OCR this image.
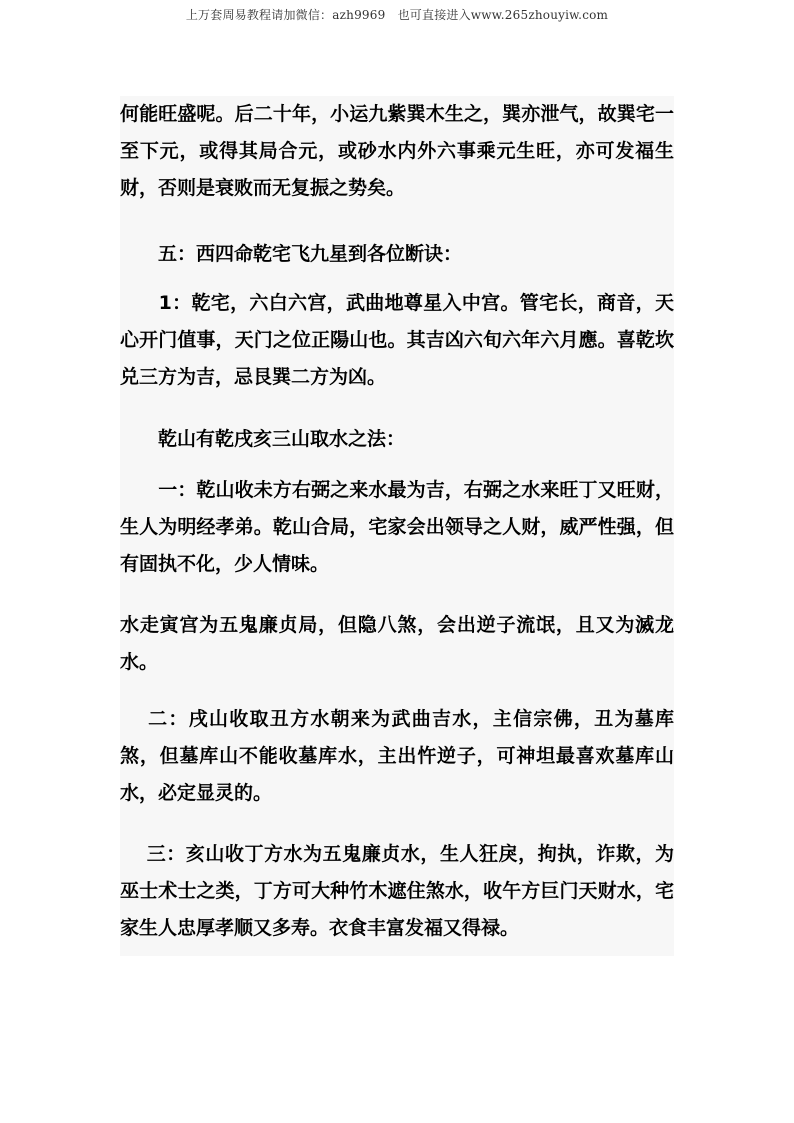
上万套周易教程请加微信：azh9969　也可直接进入www.265zhouyiw.com

何能旺盛呢。后二十年，小运九紫巽木生之，巽亦泄气，故巽宅一至下元，或得其局合元，或砂水内外六事乘元生旺，亦可发福生财，否则是衰败而无复振之势矣。

　　五：西四命乾宅飞九星到各位断诀：

　　1：乾宅，六白六宫，武曲地尊星入中宫。管宅长，商音，天心开门值事，天门之位正陽山也。其吉凶六旬六年六月應。喜乾坎兑三方为吉，忌艮巽二方为凶。

　　乾山有乾戌亥三山取水之法：

　　一：乾山收未方右弼之来水最为吉，右弼之水来旺丁又旺财，生人为明经孝弟。乾山合局，宅家会出领导之人财，威严性强，但有固执不化，少人情味。

水走寅宫为五鬼廉贞局，但隐八煞，会出逆子流氓，且又为滅龙水。

　 二：戌山收取丑方水朝来为武曲吉水，主信宗佛，丑为墓库煞，但墓库山不能收墓库水，主出忤逆子，可神坦最喜欢墓库山水，必定显灵的。

　 三：亥山收丁方水为五鬼廉贞水，生人狂戾，拘执，诈欺，为巫士术士之类，丁方可大种竹木遮住煞水，收午方巨门天财水，宅家生人忠厚孝顺又多寿。衣食丰富发福又得禄。
